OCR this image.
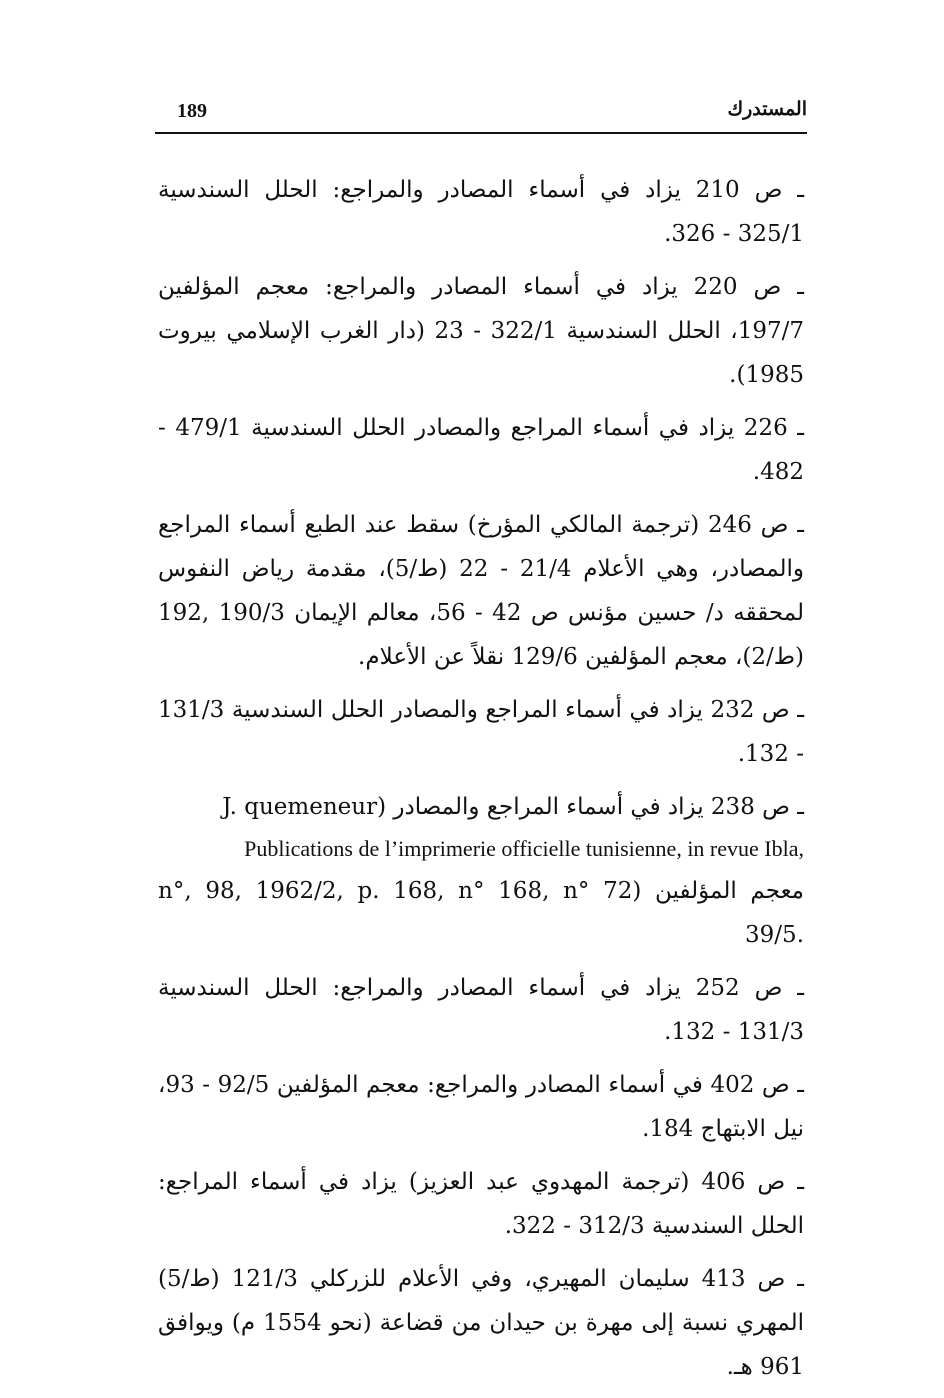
189	المستدرك

ـ ص 210 يزاد في أسماء المصادر والمراجع: الحلل السندسية 325/1 - 326.

ـ ص 220 يزاد في أسماء المصادر والمراجع: معجم المؤلفين 197/7، الحلل السندسية 322/1 - 23 (دار الغرب الإسلامي بيروت 1985).

ـ 226 يزاد في أسماء المراجع والمصادر الحلل السندسية 479/1 - 482.

ـ ص 246 (ترجمة المالكي المؤرخ) سقط عند الطبع أسماء المراجع والمصادر، وهي الأعلام 21/4 - 22 (ط/5)، مقدمة رياض النفوس لمحققه د/ حسين مؤنس ص 42 - 56، معالم الإيمان 190/3 ,192 (ط/2)، معجم المؤلفين 129/6 نقلاً عن الأعلام.

ـ ص 232 يزاد في أسماء المراجع والمصادر الحلل السندسية 131/3 - 132.

ـ ص 238 يزاد في أسماء المراجع والمصادر (J. quemeneur

Publications de l’imprimerie officielle tunisienne, in revue Ibla,

n°, 98, 1962/2, p. 168, n° 168, n° 72) معجم المؤلفين 39/5.

ـ ص 252 يزاد في أسماء المصادر والمراجع: الحلل السندسية 131/3 - 132.

ـ ص 402 في أسماء المصادر والمراجع: معجم المؤلفين 92/5 - 93، نيل الابتهاج 184.

ـ ص 406 (ترجمة المهدوي عبد العزيز) يزاد في أسماء المراجع: الحلل السندسية 312/3 - 322.

ـ ص 413 سليمان المهيري، وفي الأعلام للزركلي 121/3 (ط/5) المهري نسبة إلى مهرة بن حيدان من قضاعة (نحو 1554 م) ويوافق 961 هـ.
